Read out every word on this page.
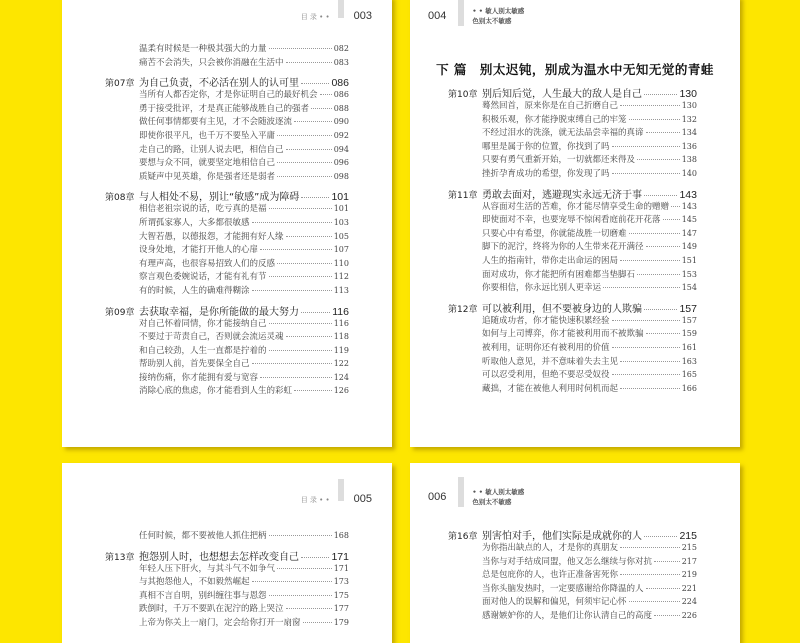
目 录 • • 003
温柔有时候是一种极其强大的力量	082
痛苦不会消失，只会被你消融在生活中	083
第07章 为自己负责，不必活在别人的认可里	086
当所有人都否定你，才是你证明自己的最好机会 086
勇于接受批评，才是真正能够战胜自己的强者	088
做任何事情都要有主见，才不会随波逐流	090
即使你很平凡，也千万不要坠入平庸	092
走自己的路，让别人说去吧，相信自己	094
要想与众不同，就要坚定地相信自己	096
质疑声中见英雄，你是强者还是弱者	098
第08章 与人相处不易，别让“敏感”成为障碍	101
相信老祖宗说的话，吃亏真的是福	101
所谓孤家寡人，大多都很敏感	103
大智若愚，以德报怨，才能拥有好人缘	105
设身处地，才能打开他人的心扉	107
有理声高，也很容易招致人们的反感	110
察言观色委婉说话，才能有礼有节	112
有的时候，人生的确难得糊涂	113
第09章 去获取幸福，是你所能做的最大努力	116
对自己怀着同情，你才能接纳自己	116
不要过于苛责自己，否则就会流运灵魂	118
和自己较劲，人生一直都是拧着的	119
帮助别人前，首先要保全自己	122
接纳伤痛，你才能拥有爱与宽容	124
消除心底的焦虑，你才能看到人生的彩虹	126
004	• • 敏人别太敏感
色别太不敏感
下 篇　别太迟钝，别成为温水中无知无觉的青蛙
第10章 别后知后觉，人生最大的敌人是自己	130
蓦然回首，原来你是在自己折磨自己	130
积极乐观，你才能挣脱束缚自己的牢笼	132
不经过泪水的洗涤，就无法品尝幸福的真谛	134
哪里是属于你的位置，你找到了吗	136
只要有勇气重新开始，一切就都还来得及	138
挫折孕育成功的希望，你发现了吗	140
第11章 勇敢去面对，逃避现实永远无济于事	143
从容面对生活的苦难，你才能尽情享受生命的赠赠 143
即使面对不幸，也要宠辱不惊闲看庭前花开花落	145
只要心中有希望，你就能战胜一切磨难	147
脚下的泥泞，终将为你的人生带来花开满径	149
人生的指南针，带你走出命运的困局	151
面对成功，你才能把所有困难都当垫脚石	153
你要相信，你永远比别人更幸运	154
第12章 可以被利用，但不要被身边的人欺骗	157
追随成功者，你才能快速积累经验	157
如何与上司博弈，你才能被利用而不被欺骗	159
被利用，证明你还有被利用的价值	161
听取他人意见，并不意味着失去主见	163
可以忍受利用，但绝不要忍受奴役	165
藏拙，才能在被他人利用时伺机而起	166
目 录 • • 005
任何时候，都不要被他人抓住把柄	168
第13章 抱怨别人时，也想想去怎样改变自己	171
年轻人压下肝火，与其斗气不如争气	171
与其抱怨他人，不如毅然崛起	173
真相不言自明，别纠缠往事与恩怨	175
跌倒时，千万不要趴在泥泞的路上哭泣	177
上帝为你关上一扇门，定会给你打开一扇窗	179
006	• • 敏人别太敏感
色别太不敏感
第16章 别害怕对手，他们实际是成就你的人	215
为你指出缺点的人，才是你的真朋友	215
当你与对手结成同盟，他又怎么继续与你对抗	217
总是包庇你的人，也许正准备害死你	219
当你头脑发热时，一定要感谢给你降温的人	221
面对他人的误解和偏见，何须牢记心怀	224
感谢嫉妒你的人，是他们让你认清自己的高度	226
